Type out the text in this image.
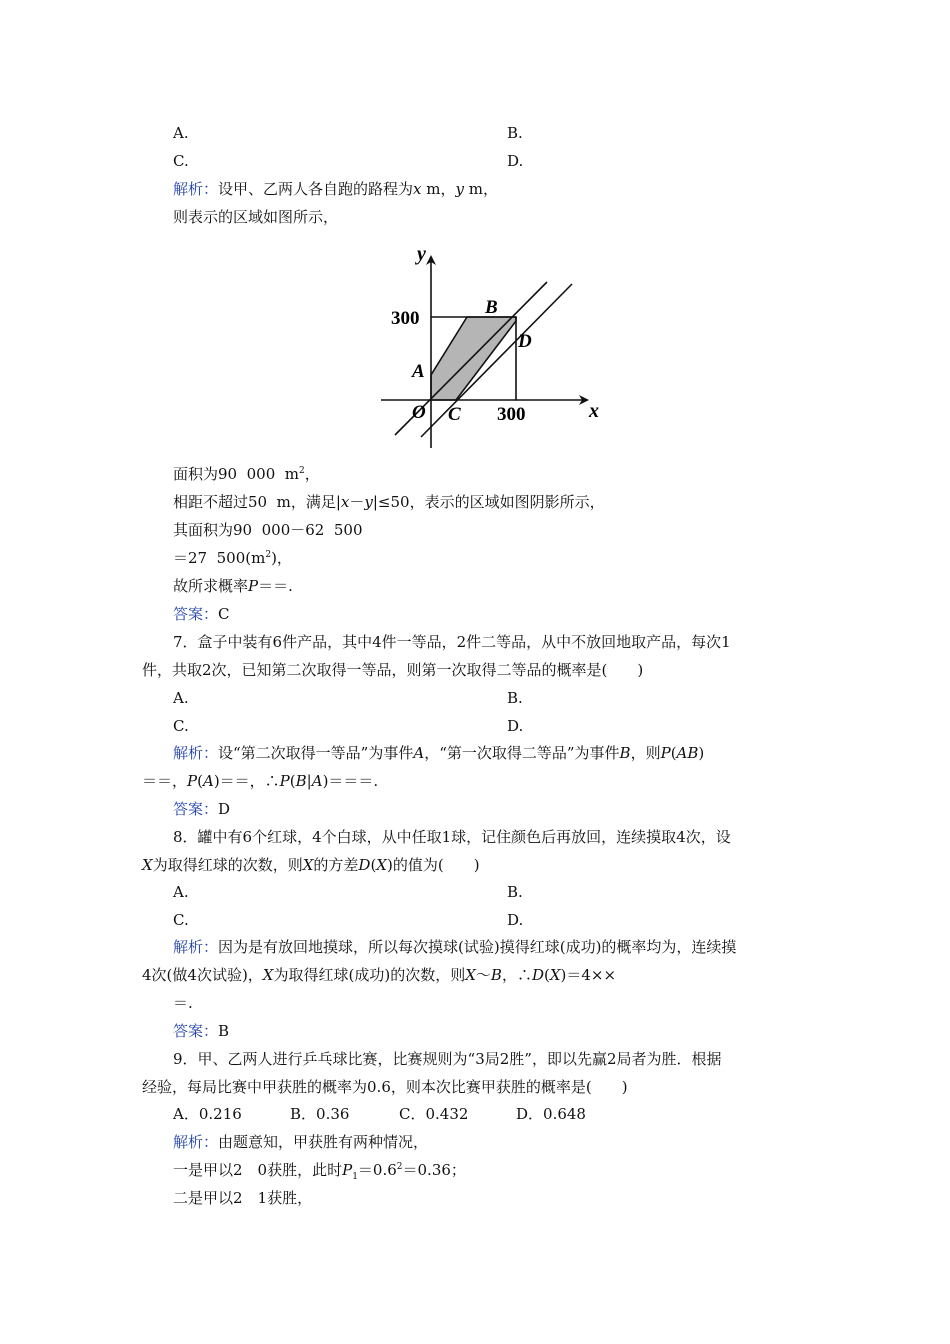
A.	B.
C.	D.
解析：设甲、乙两人各自跑的路程为x m，y m，
则表示的区域如图所示，
y
x
300
300
O
A
B
C
D
面积为90  000  $m^2$，
相距不超过50  m，满足|x－y|≤50，表示的区域如图阴影所示，
其面积为90  000－62  500
＝27  $500(m^2)$，
故所求概率P＝＝.
答案：C
7．盒子中装有6件产品，其中4件一等品，2件二等品，从中不放回地取产品，每次1
件，共取2次，已知第二次取得一等品，则第一次取得二等品的概率是(　　)
A.	B.
C.	D.
解析：设“第二次取得一等品”为事件A，“第一次取得二等品”为事件B，则P(AB)
＝＝，P(A)＝＝，∴P(B|A)＝＝＝.
答案：D
8．罐中有6个红球，4个白球，从中任取1球，记住颜色后再放回，连续摸取4次，设
X为取得红球的次数，则X的方差D(X)的值为(　　)
A.	B.
C.	D.
解析：因为是有放回地摸球，所以每次摸球(试验)摸得红球(成功)的概率均为，连续摸
4次(做4次试验)，X为取得红球(成功)的次数，则X～B，∴D(X)＝4××
＝.
答案：B
9．甲、乙两人进行乒乓球比赛，比赛规则为“3局2胜”，即以先赢2局者为胜．根据
经验，每局比赛中甲获胜的概率为0.6，则本次比赛甲获胜的概率是(　　)
A．0.216	B．0.36	C．0.432	D．0.648
解析：由题意知，甲获胜有两种情况，
一是甲以2　0获胜，此时$P_1=0.6^2=0.36$；
二是甲以2　1获胜，
